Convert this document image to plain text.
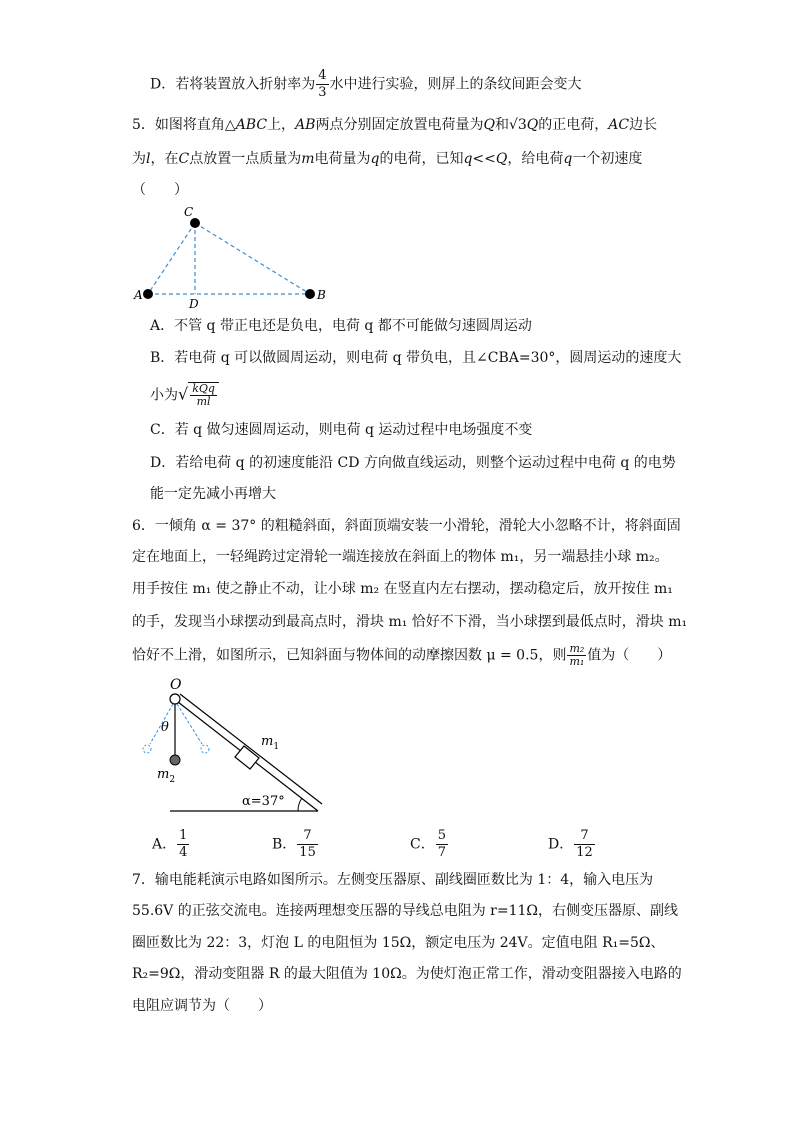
D．若将装置放入折射率为 $\frac{4}{3}$ 水中进行实验，则屏上的条纹间距会变大
5．如图将直角△ABC上，AB两点分别固定放置电荷量为Q和√3Q的正电荷，AC边长
为l，在C点放置一点质量为m电荷量为q的电荷，已知q<<Q，给电荷q一个初速度
（　　）
C
A
D
B
A．不管 q 带正电还是负电，电荷 q 都不可能做匀速圆周运动
B．若电荷 q 可以做圆周运动，则电荷 q 带负电，且∠CBA=30°，圆周运动的速度大
小为√ $\frac{\text{kQq}}{ml}$
C．若 q 做匀速圆周运动，则电荷 q 运动过程中电场强度不变
D．若给电荷 q 的初速度能沿 CD 方向做直线运动，则整个运动过程中电荷 q 的电势
能一定先减小再增大
6．一倾角 α = 37° 的粗糙斜面，斜面顶端安装一小滑轮，滑轮大小忽略不计，将斜面固
定在地面上，一轻绳跨过定滑轮一端连接放在斜面上的物体 m₁，另一端悬挂小球 m₂。
用手按住 m₁ 使之静止不动，让小球 m₂ 在竖直内左右摆动，摆动稳定后，放开按住 m₁
的手，发现当小球摆动到最高点时，滑块 m₁ 恰好不下滑，当小球摆到最低点时，滑块 m₁
恰好不上滑，如图所示，已知斜面与物体间的动摩擦因数 μ = 0.5，则 $\frac{\text{m₂}}{\text{m₁}}$ 值为（　　）
O
θ
$m_1$
$m_2$
α=37°
A． $\frac{1}{4}$	B． $\frac{7}{15}$	C． $\frac{5}{7}$	D． $\frac{7}{12}$
7．输电能耗演示电路如图所示。左侧变压器原、副线圈匝数比为 1：4，输入电压为
55.6V 的正弦交流电。连接两理想变压器的导线总电阻为 r=11Ω，右侧变压器原、副线
圈匝数比为 22：3，灯泡 L 的电阻恒为 15Ω，额定电压为 24V。定值电阻 R₁=5Ω、
R₂=9Ω，滑动变阻器 R 的最大阻值为 10Ω。为使灯泡正常工作，滑动变阻器接入电路的
电阻应调节为（　　）
